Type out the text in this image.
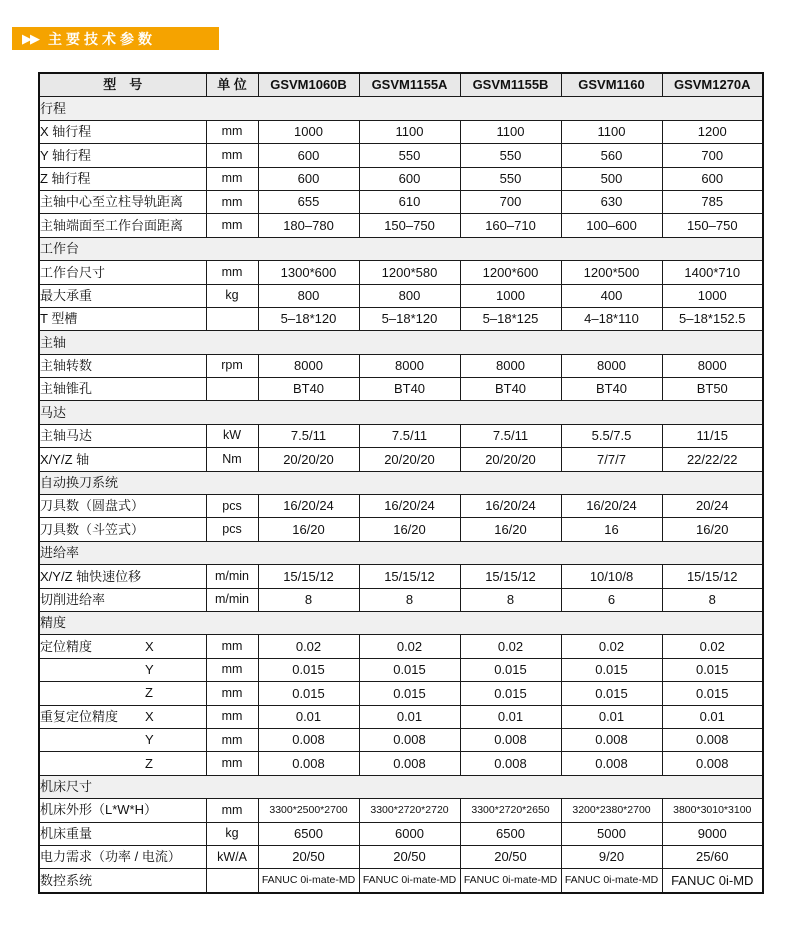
▶▶ 主要技术参数
型　号	单 位	GSVM1060B	GSVM1155A	GSVM1155B	GSVM1160	GSVM1270A
行程						
X 轴行程	mm	1000	1100	1100	1100	1200
Y 轴行程	mm	600	550	550	560	700
Z 轴行程	mm	600	600	550	500	600
主轴中心至立柱导轨距离	mm	655	610	700	630	785
主轴端面至工作台面距离	mm	180–780	150–750	160–710	100–600	150–750
工作台						
工作台尺寸	mm	1300*600	1200*580	1200*600	1200*500	1400*710
最大承重	kg	800	800	1000	400	1000
T 型槽		5–18*120	5–18*120	5–18*125	4–18*110	5–18*152.5
主轴						
主轴转数	rpm	8000	8000	8000	8000	8000
主轴锥孔		BT40	BT40	BT40	BT40	BT50
马达						
主轴马达	kW	7.5/11	7.5/11	7.5/11	5.5/7.5	11/15
X/Y/Z 轴	Nm	20/20/20	20/20/20	20/20/20	7/7/7	22/22/22
自动换刀系统						
刀具数（圆盘式）	pcs	16/20/24	16/20/24	16/20/24	16/20/24	20/24
刀具数（斗笠式）	pcs	16/20	16/20	16/20	16	16/20
进给率						
X/Y/Z 轴快速位移	m/min	15/15/12	15/15/12	15/15/12	10/10/8	15/15/12
切削进给率	m/min	8	8	8	6	8
精度						
定位精度 X	mm	0.02	0.02	0.02	0.02	0.02

Y	mm	0.015	0.015	0.015	0.015	0.015

Z	mm	0.015	0.015	0.015	0.015	0.015
重复定位精度 X	mm	0.01	0.01	0.01	0.01	0.01

Y	mm	0.008	0.008	0.008	0.008	0.008

Z	mm	0.008	0.008	0.008	0.008	0.008
机床尺寸						
机床外形（L*W*H）	mm	3300*2500*2700	3300*2720*2720	3300*2720*2650	3200*2380*2700	3800*3010*3100
机床重量	kg	6500	6000	6500	5000	9000
电力需求（功率 / 电流）	kW/A	20/50	20/50	20/50	9/20	25/60
数控系统		FANUC 0i-mate-MD	FANUC 0i-mate-MD	FANUC 0i-mate-MD	FANUC 0i-mate-MD	FANUC 0i-MD
